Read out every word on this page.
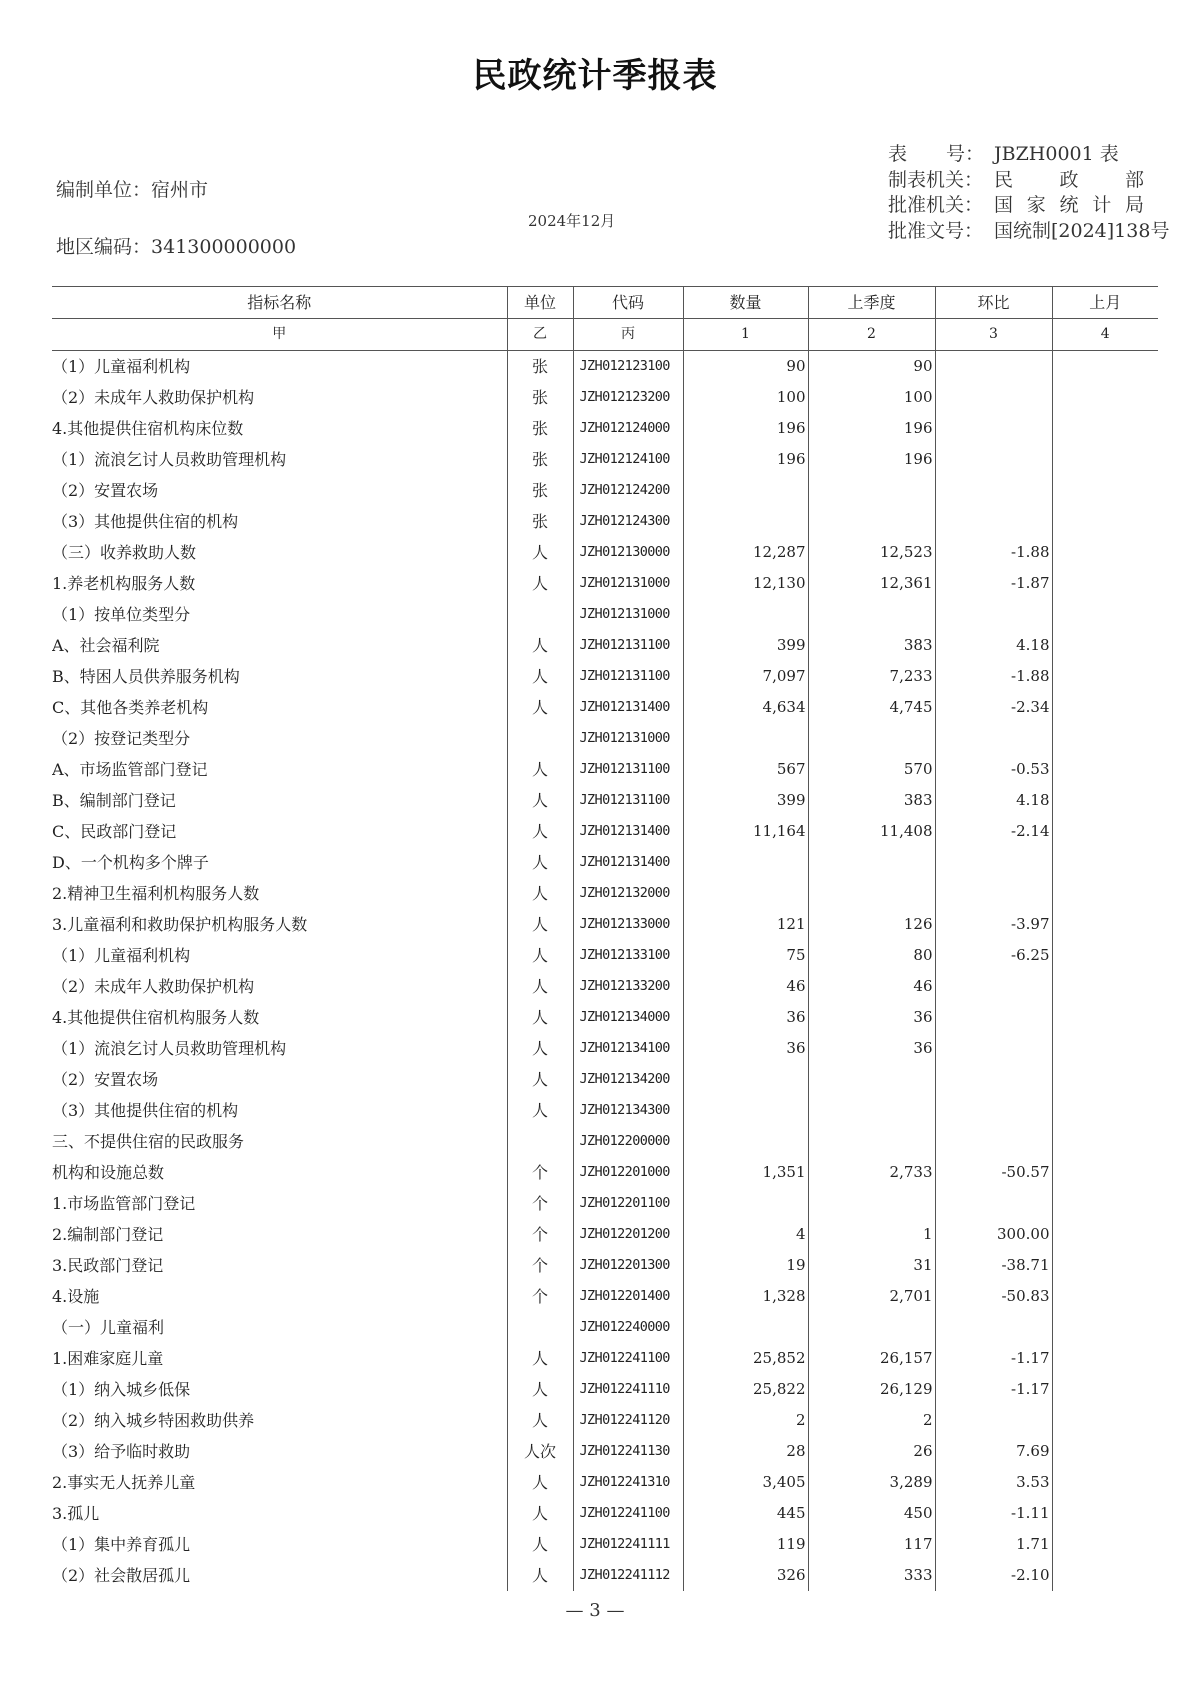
民政统计季报表
编制单位：宿州市
地区编码：341300000000
2024年12月
表 号： JBZH0001 表
制表机关： 民 政 部
批准机关： 国 家 统 计 局
批准文号： 国统制[2024]138号
指标名称	单位	代码	数量	上季度	环比	上月
甲	乙	丙	1	2	3	4
（1）儿童福利机构	张	JZH012123100	90	90		
（2）未成年人救助保护机构	张	JZH012123200	100	100		
4.其他提供住宿机构床位数	张	JZH012124000	196	196		
（1）流浪乞讨人员救助管理机构	张	JZH012124100	196	196		
（2）安置农场	张	JZH012124200				
（3）其他提供住宿的机构	张	JZH012124300				
（三）收养救助人数	人	JZH012130000	12,287	12,523	-1.88	
1.养老机构服务人数	人	JZH012131000	12,130	12,361	-1.87	
（1）按单位类型分		JZH012131000				
A、社会福利院	人	JZH012131100	399	383	4.18	
B、特困人员供养服务机构	人	JZH012131100	7,097	7,233	-1.88	
C、其他各类养老机构	人	JZH012131400	4,634	4,745	-2.34	
（2）按登记类型分		JZH012131000				
A、市场监管部门登记	人	JZH012131100	567	570	-0.53	
B、编制部门登记	人	JZH012131100	399	383	4.18	
C、民政部门登记	人	JZH012131400	11,164	11,408	-2.14	
D、一个机构多个牌子	人	JZH012131400				
2.精神卫生福利机构服务人数	人	JZH012132000				
3.儿童福利和救助保护机构服务人数	人	JZH012133000	121	126	-3.97	
（1）儿童福利机构	人	JZH012133100	75	80	-6.25	
（2）未成年人救助保护机构	人	JZH012133200	46	46		
4.其他提供住宿机构服务人数	人	JZH012134000	36	36		
（1）流浪乞讨人员救助管理机构	人	JZH012134100	36	36		
（2）安置农场	人	JZH012134200				
（3）其他提供住宿的机构	人	JZH012134300				
三、不提供住宿的民政服务		JZH012200000				
机构和设施总数	个	JZH012201000	1,351	2,733	-50.57	
1.市场监管部门登记	个	JZH012201100				
2.编制部门登记	个	JZH012201200	4	1	300.00	
3.民政部门登记	个	JZH012201300	19	31	-38.71	
4.设施	个	JZH012201400	1,328	2,701	-50.83	
（一）儿童福利		JZH012240000				
1.困难家庭儿童	人	JZH012241100	25,852	26,157	-1.17	
（1）纳入城乡低保	人	JZH012241110	25,822	26,129	-1.17	
（2）纳入城乡特困救助供养	人	JZH012241120	2	2		
（3）给予临时救助	人次	JZH012241130	28	26	7.69	
2.事实无人抚养儿童	人	JZH012241310	3,405	3,289	3.53	
3.孤儿	人	JZH012241100	445	450	-1.11	
（1）集中养育孤儿	人	JZH012241111	119	117	1.71	
（2）社会散居孤儿	人	JZH012241112	326	333	-2.10	
— 3 —
